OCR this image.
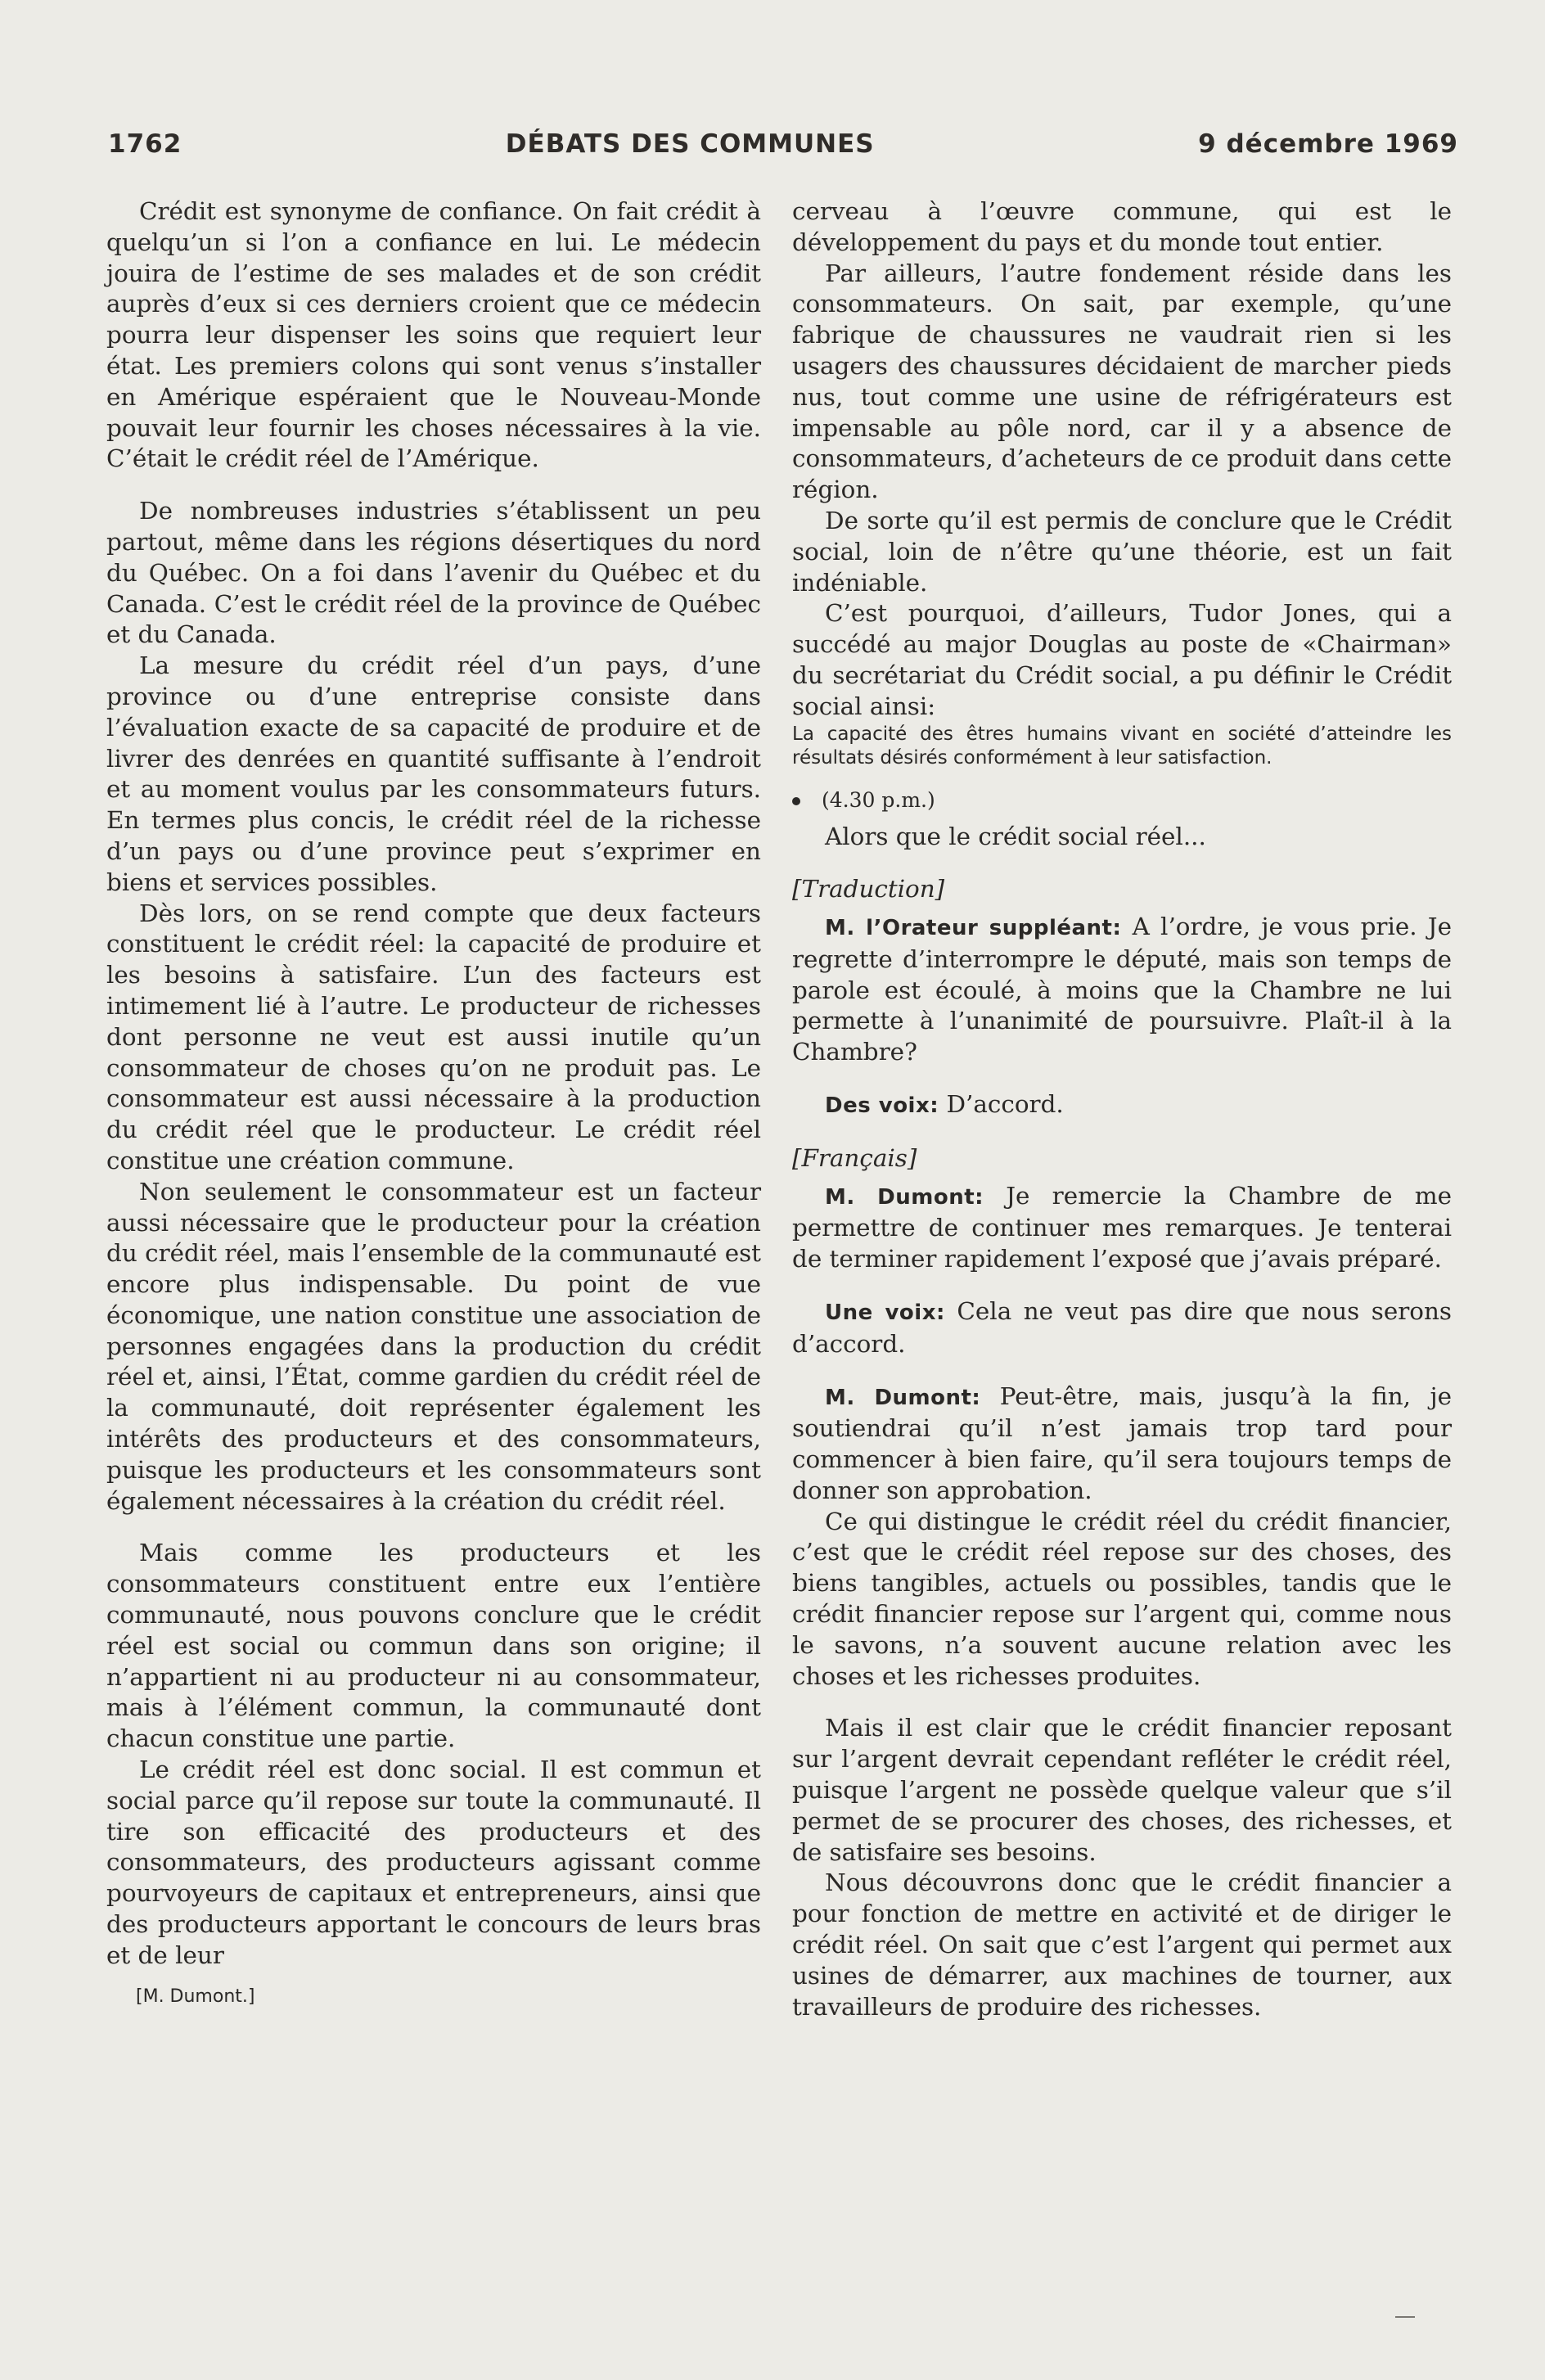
1762	DÉBATS DES COMMUNES	9 décembre 1969

Crédit est synonyme de confiance. On fait crédit à quelqu’un si l’on a confiance en lui. Le médecin jouira de l’estime de ses malades et de son crédit auprès d’eux si ces derniers croient que ce médecin pourra leur dispenser les soins que requiert leur état. Les premiers colons qui sont venus s’installer en Amérique espéraient que le Nouveau-Monde pouvait leur fournir les choses nécessaires à la vie. C’était le crédit réel de l’Amérique.

De nombreuses industries s’établissent un peu partout, même dans les régions désertiques du nord du Québec. On a foi dans l’avenir du Québec et du Canada. C’est le crédit réel de la province de Québec et du Canada.

La mesure du crédit réel d’un pays, d’une province ou d’une entreprise consiste dans l’évaluation exacte de sa capacité de produire et de livrer des denrées en quantité suffisante à l’endroit et au moment voulus par les consommateurs futurs. En termes plus concis, le crédit réel de la richesse d’un pays ou d’une province peut s’exprimer en biens et services possibles.

Dès lors, on se rend compte que deux facteurs constituent le crédit réel: la capacité de produire et les besoins à satisfaire. L’un des facteurs est intimement lié à l’autre. Le producteur de richesses dont personne ne veut est aussi inutile qu’un consommateur de choses qu’on ne produit pas. Le consommateur est aussi nécessaire à la production du crédit réel que le producteur. Le crédit réel constitue une création commune.

Non seulement le consommateur est un facteur aussi nécessaire que le producteur pour la création du crédit réel, mais l’ensemble de la communauté est encore plus indispensable. Du point de vue économique, une nation constitue une association de personnes engagées dans la production du crédit réel et, ainsi, l’État, comme gardien du crédit réel de la communauté, doit représenter également les intérêts des producteurs et des consommateurs, puisque les producteurs et les consommateurs sont également nécessaires à la création du crédit réel.

Mais comme les producteurs et les consommateurs constituent entre eux l’entière communauté, nous pouvons conclure que le crédit réel est social ou commun dans son origine; il n’appartient ni au producteur ni au consommateur, mais à l’élément commun, la communauté dont chacun constitue une partie.

Le crédit réel est donc social. Il est commun et social parce qu’il repose sur toute la communauté. Il tire son efficacité des producteurs et des consommateurs, des producteurs agissant comme pourvoyeurs de capitaux et entrepreneurs, ainsi que des producteurs apportant le concours de leurs bras et de leur

[M. Dumont.]

cerveau à l’œuvre commune, qui est le développement du pays et du monde tout entier.

Par ailleurs, l’autre fondement réside dans les consommateurs. On sait, par exemple, qu’une fabrique de chaussures ne vaudrait rien si les usagers des chaussures décidaient de marcher pieds nus, tout comme une usine de réfrigérateurs est impensable au pôle nord, car il y a absence de consommateurs, d’acheteurs de ce produit dans cette région.

De sorte qu’il est permis de conclure que le Crédit social, loin de n’être qu’une théorie, est un fait indéniable.

C’est pourquoi, d’ailleurs, Tudor Jones, qui a succédé au major Douglas au poste de «Chairman» du secrétariat du Crédit social, a pu définir le Crédit social ainsi:

La capacité des êtres humains vivant en société d’atteindre les résultats désirés conformément à leur satisfaction.

(4.30 p.m.)

Alors que le crédit social réel...

[Traduction]

M. l’Orateur suppléant: A l’ordre, je vous prie. Je regrette d’interrompre le député, mais son temps de parole est écoulé, à moins que la Chambre ne lui permette à l’unanimité de poursuivre. Plaît-il à la Chambre?

Des voix: D’accord.

[Français]

M. Dumont: Je remercie la Chambre de me permettre de continuer mes remarques. Je tenterai de terminer rapidement l’exposé que j’avais préparé.

Une voix: Cela ne veut pas dire que nous serons d’accord.

M. Dumont: Peut-être, mais, jusqu’à la fin, je soutiendrai qu’il n’est jamais trop tard pour commencer à bien faire, qu’il sera toujours temps de donner son approbation.

Ce qui distingue le crédit réel du crédit financier, c’est que le crédit réel repose sur des choses, des biens tangibles, actuels ou possibles, tandis que le crédit financier repose sur l’argent qui, comme nous le savons, n’a souvent aucune relation avec les choses et les richesses produites.

Mais il est clair que le crédit financier reposant sur l’argent devrait cependant refléter le crédit réel, puisque l’argent ne possède quelque valeur que s’il permet de se procurer des choses, des richesses, et de satisfaire ses besoins.

Nous découvrons donc que le crédit financier a pour fonction de mettre en activité et de diriger le crédit réel. On sait que c’est l’argent qui permet aux usines de démarrer, aux machines de tourner, aux travailleurs de produire des richesses.
